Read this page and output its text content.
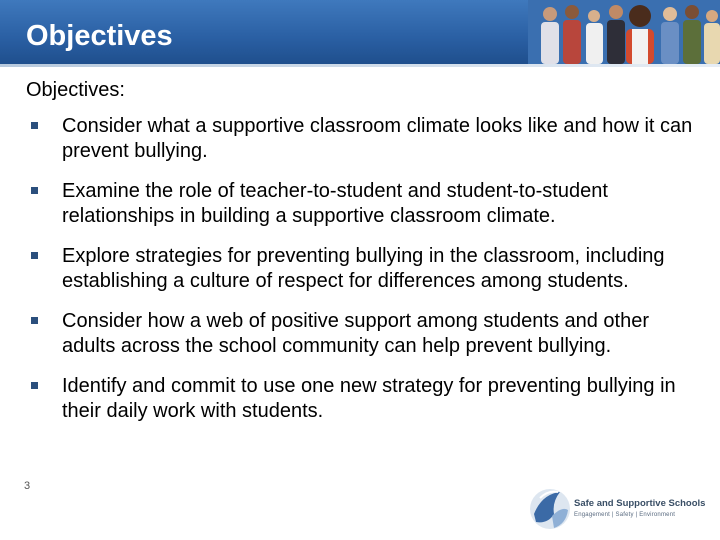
Objectives
Objectives:
Consider what a supportive classroom climate looks like and how it can prevent bullying.
Examine the role of teacher-to-student and student-to-student relationships in building a supportive classroom climate.
Explore strategies for preventing bullying in the classroom, including establishing a culture of respect for differences among students.
Consider how a web of positive support among students and other adults across the school community can help prevent bullying.
Identify and commit to use one new strategy for preventing bullying in their daily work with students.
3
Safe and Supportive Schools
Engagement | Safety | Environment
